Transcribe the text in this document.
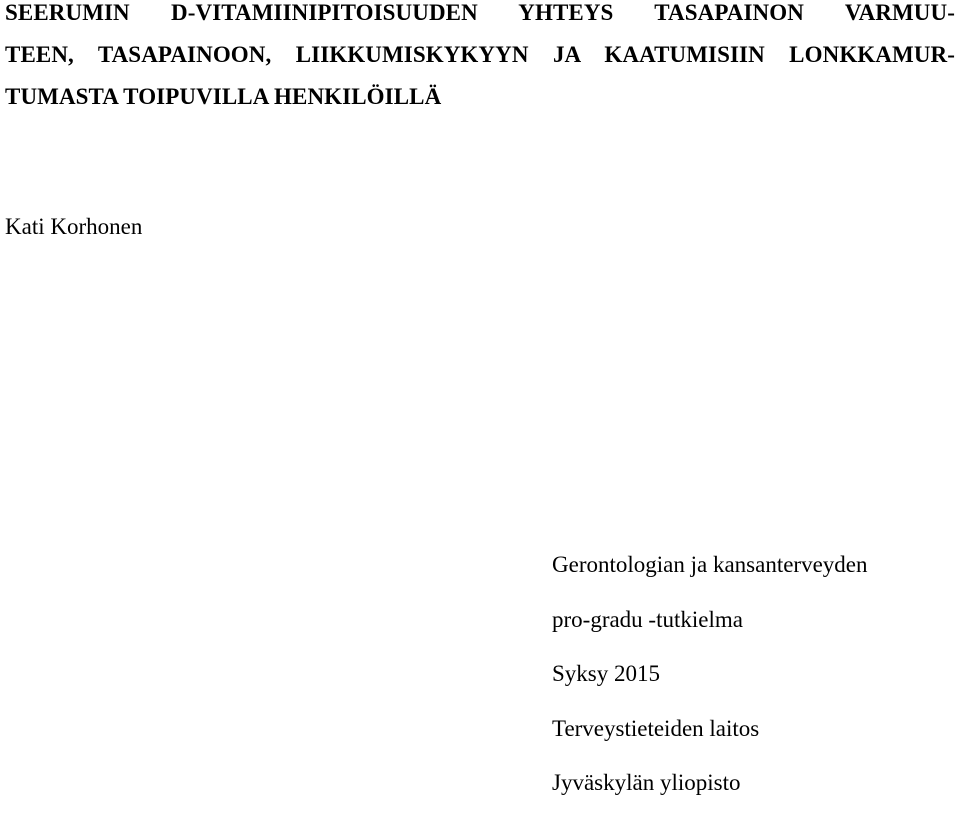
SEERUMIN D-VITAMIINIPITOISUUDEN YHTEYS TASAPAINON VARMUU-
TEEN, TASAPAINOON, LIIKKUMISKYKYYN JA KAATUMISIIN LONKKAMUR-
TUMASTA TOIPUVILLA HENKILÖILLÄ

Kati Korhonen

Gerontologian ja kansanterveyden
pro-gradu -tutkielma
Syksy 2015
Terveystieteiden laitos
Jyväskylän yliopisto
